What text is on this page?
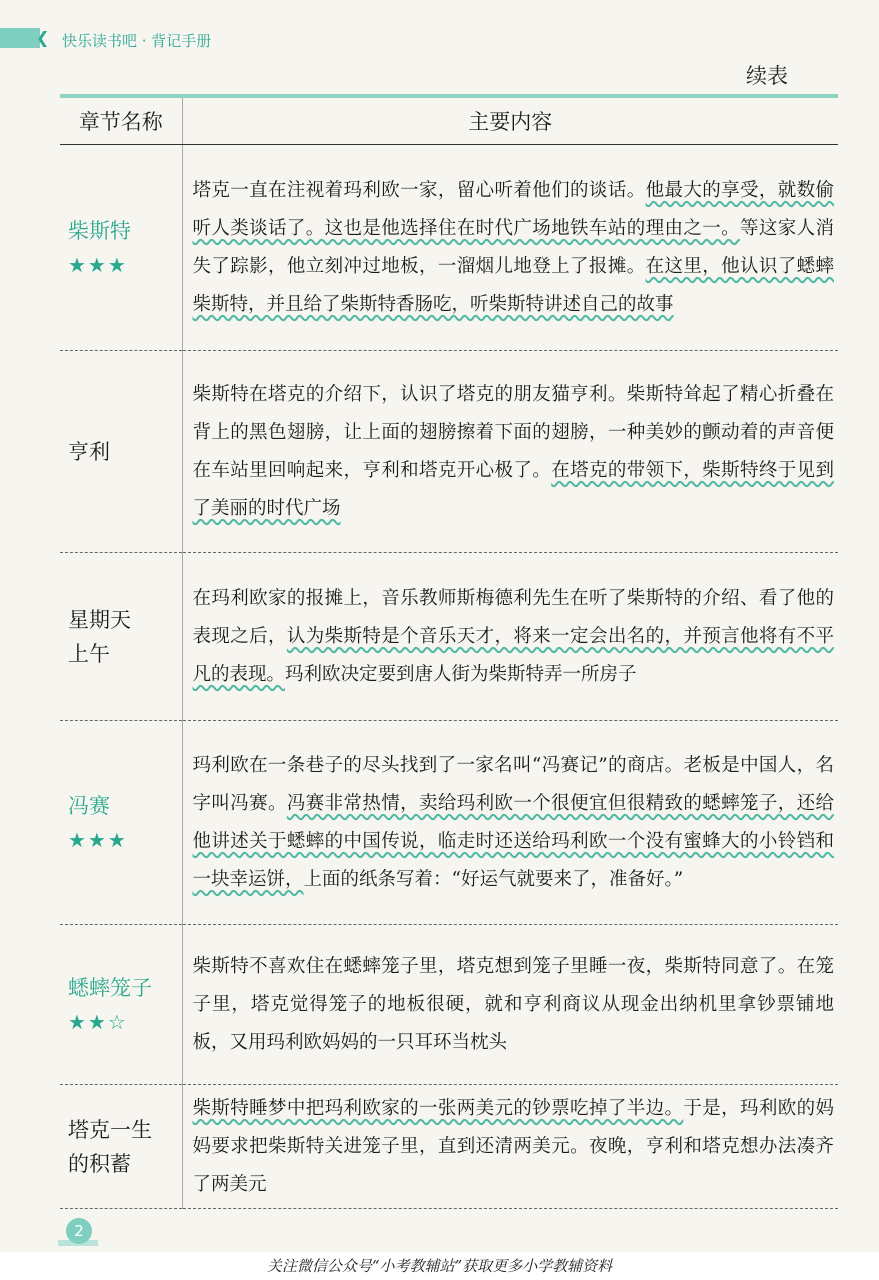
❮ 快乐读书吧 · 背记手册
续表
章节名称	主要内容

柴斯特
★★★	塔克一直在注视着玛利欧一家，留心听着他们的谈话。他最大的享受，就数偷听人类谈话了。这也是他选择住在时代广场地铁车站的理由之一。等这家人消失了踪影，他立刻冲过地板，一溜烟儿地登上了报摊。在这里，他认识了蟋蟀柴斯特，并且给了柴斯特香肠吃，听柴斯特讲述自己的故事

亨利	柴斯特在塔克的介绍下，认识了塔克的朋友猫亨利。柴斯特耸起了精心折叠在背上的黑色翅膀，让上面的翅膀擦着下面的翅膀，一种美妙的颤动着的声音便在车站里回响起来，亨利和塔克开心极了。在塔克的带领下，柴斯特终于见到了美丽的时代广场

星期天上午	在玛利欧家的报摊上，音乐教师斯梅德利先生在听了柴斯特的介绍、看了他的表现之后，认为柴斯特是个音乐天才，将来一定会出名的，并预言他将有不平凡的表现。玛利欧决定要到唐人街为柴斯特弄一所房子

冯赛
★★★	玛利欧在一条巷子的尽头找到了一家名叫“冯赛记”的商店。老板是中国人，名字叫冯赛。冯赛非常热情，卖给玛利欧一个很便宜但很精致的蟋蟀笼子，还给他讲述关于蟋蟀的中国传说，临走时还送给玛利欧一个没有蜜蜂大的小铃铛和一块幸运饼，上面的纸条写着：“好运气就要来了，准备好。”

蟋蟀笼子
★★☆	柴斯特不喜欢住在蟋蟀笼子里，塔克想到笼子里睡一夜，柴斯特同意了。在笼子里，塔克觉得笼子的地板很硬，就和亨利商议从现金出纳机里拿钞票铺地板，又用玛利欧妈妈的一只耳环当枕头

塔克一生的积蓄	柴斯特睡梦中把玛利欧家的一张两美元的钞票吃掉了半边。于是，玛利欧的妈妈要求把柴斯特关进笼子里，直到还清两美元。夜晚，亨利和塔克想办法凑齐了两美元
2
关注微信公众号“小考教辅站”获取更多小学教辅资料
